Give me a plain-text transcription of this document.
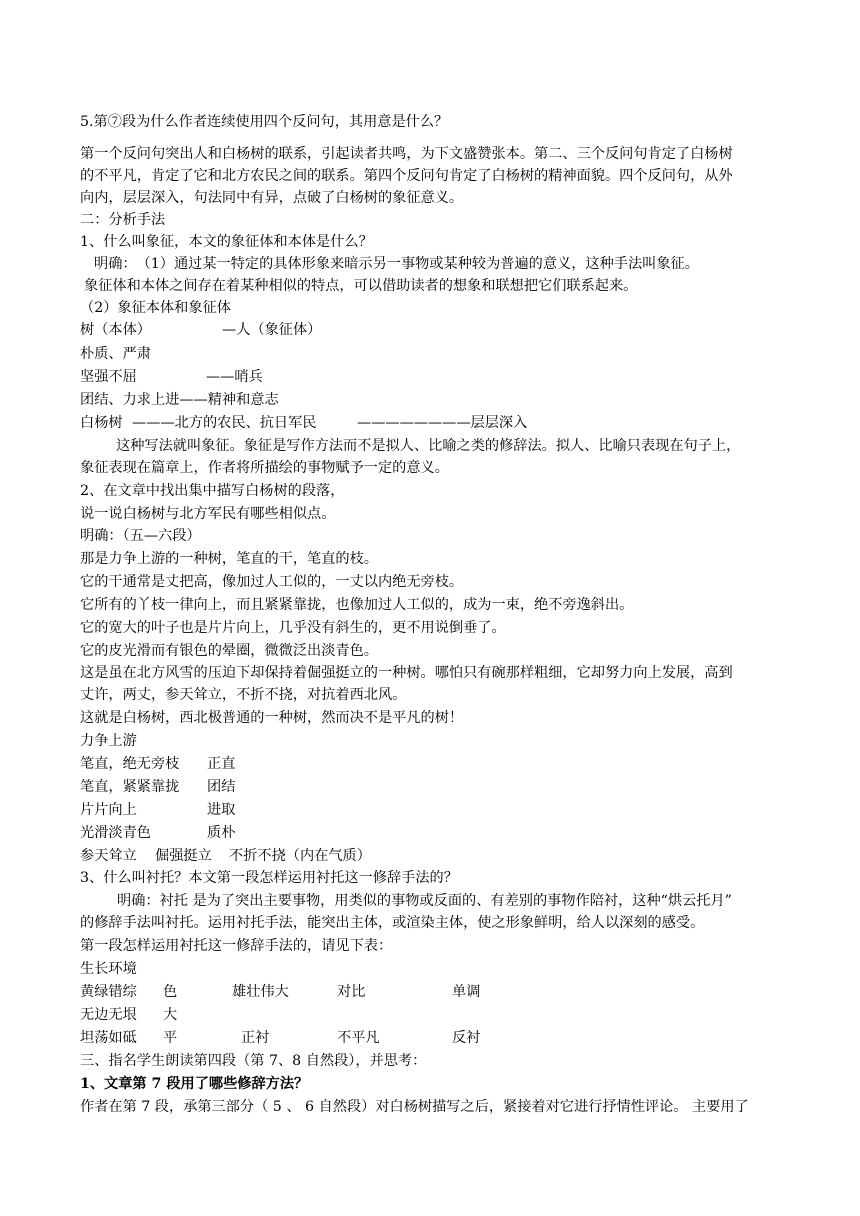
5.第⑦段为什么作者连续使用四个反问句，其用意是什么？
第一个反问句突出人和白杨树的联系，引起读者共鸣，为下文盛赞张本。第二、三个反问句肯定了白杨树
的不平凡，肯定了它和北方农民之间的联系。第四个反问句肯定了白杨树的精神面貌。四个反问句，从外
向内，层层深入，句法同中有异，点破了白杨树的象征意义。
二：分析手法
1、什么叫象征，本文的象征体和本体是什么？
明确：　（1）通过某一特定的具体形象来暗示另一事物或某种较为普遍的意义，这种手法叫象征。
象征体和本体之间存在着某种相似的特点，可以借助读者的想象和联想把它们联系起来。
（2）象征本体和象征体
树（本体）	—人（象征体）
朴质、严肃
坚强不屈	——哨兵
团结、力求上进——精神和意志
白杨树 ———北方的农民、抗日军民	————————层层深入
这种写法就叫象征。象征是写作方法而不是拟人、比喻之类的修辞法。拟人、比喻只表现在句子上，
象征表现在篇章上，作者将所描绘的事物赋予一定的意义。
2、在文章中找出集中描写白杨树的段落，
说一说白杨树与北方军民有哪些相似点。
明确：（五—六段）
那是力争上游的一种树，笔直的干，笔直的枝。
它的干通常是丈把高，像加过人工似的，一丈以内绝无旁枝。
它所有的丫枝一律向上，而且紧紧靠拢，也像加过人工似的，成为一束，绝不旁逸斜出。
它的宽大的叶子也是片片向上，几乎没有斜生的，更不用说倒垂了。
它的皮光滑而有银色的晕圈，微微泛出淡青色。
这是虽在北方风雪的压迫下却保持着倔强挺立的一种树。哪怕只有碗那样粗细，它却努力向上发展，高到
丈许，两丈，参天耸立，不折不挠，对抗着西北风。
这就是白杨树，西北极普通的一种树，然而决不是平凡的树！
力争上游
笔直，绝无旁枝 正直
笔直，紧紧靠拢 团结
片片向上	进取
光滑淡青色	质朴
参天耸立 倔强挺立 不折不挠（内在气质）
3、什么叫衬托？本文第一段怎样运用衬托这一修辞手法的？
明确：衬托 是为了突出主要事物，用类似的事物或反面的、有差别的事物作陪衬，这种“烘云托月”
的修辞手法叫衬托。运用衬托手法，能突出主体，或渲染主体，使之形象鲜明，给人以深刻的感受。
第一段怎样运用衬托这一修辞手法的，请见下表：
生长环境
黄绿错综 色	雄壮伟大	对比	单调
无边无垠 大
坦荡如砥 平	正衬	不平凡	反衬
三、指名学生朗读第四段（第 7、8 自然段），并思考：
1、文章第 7 段用了哪些修辞方法？
作者在第 7 段，承第三部分（ 5 、 6 自然段）对白杨树描写之后，紧接着对它进行抒情性评论。 主要用了
